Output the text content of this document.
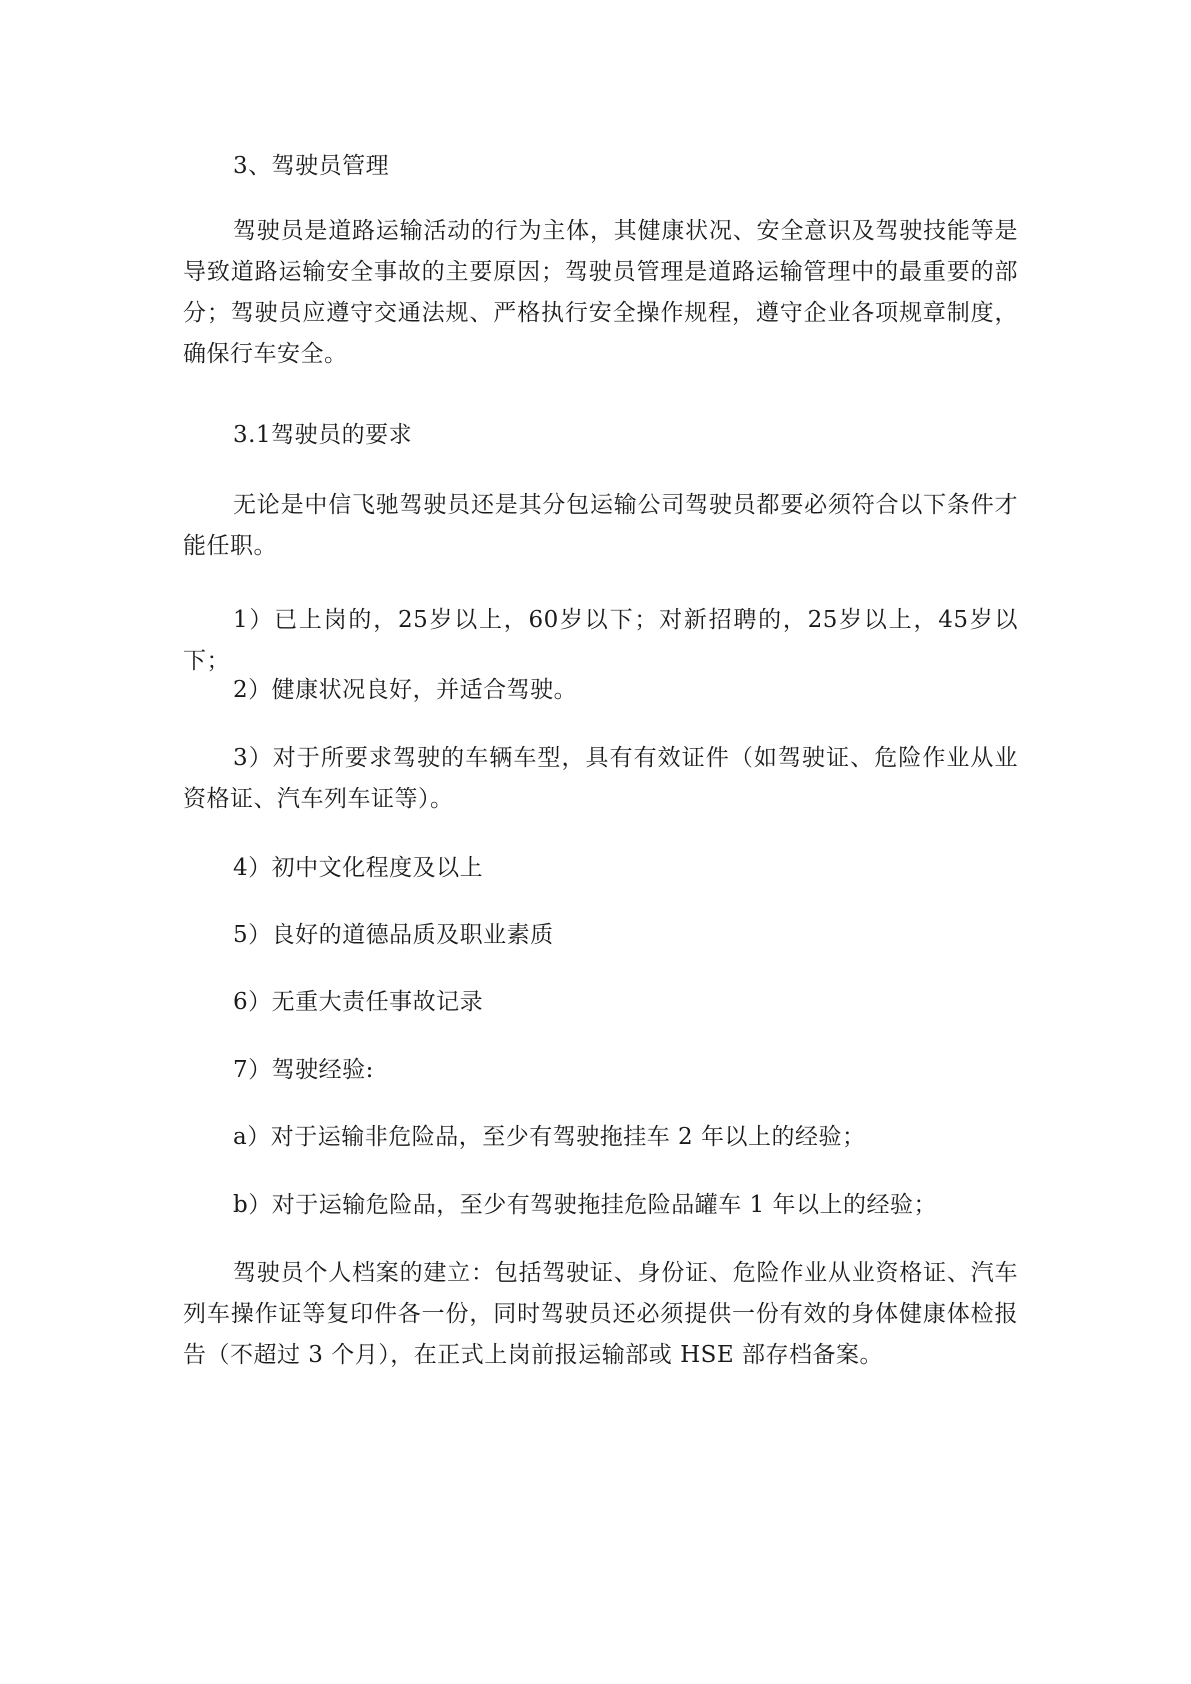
3、驾驶员管理

驾驶员是道路运输活动的行为主体，其健康状况、安全意识及驾驶技能等是导致道路运输安全事故的主要原因；驾驶员管理是道路运输管理中的最重要的部分；驾驶员应遵守交通法规、严格执行安全操作规程，遵守企业各项规章制度，确保行车安全。

3.1驾驶员的要求

无论是中信飞驰驾驶员还是其分包运输公司驾驶员都要必须符合以下条件才能任职。

1）已上岗的，25岁以上，60岁以下；对新招聘的，25岁以上，45岁以下；

2）健康状况良好，并适合驾驶。

3）对于所要求驾驶的车辆车型，具有有效证件（如驾驶证、危险作业从业资格证、汽车列车证等）。

4）初中文化程度及以上

5）良好的道德品质及职业素质

6）无重大责任事故记录

7）驾驶经验:

a）对于运输非危险品，至少有驾驶拖挂车 2 年以上的经验；

b）对于运输危险品，至少有驾驶拖挂危险品罐车 1 年以上的经验；

驾驶员个人档案的建立：包括驾驶证、身份证、危险作业从业资格证、汽车列车操作证等复印件各一份，同时驾驶员还必须提供一份有效的身体健康体检报告（不超过 3 个月），在正式上岗前报运输部或 HSE 部存档备案。
